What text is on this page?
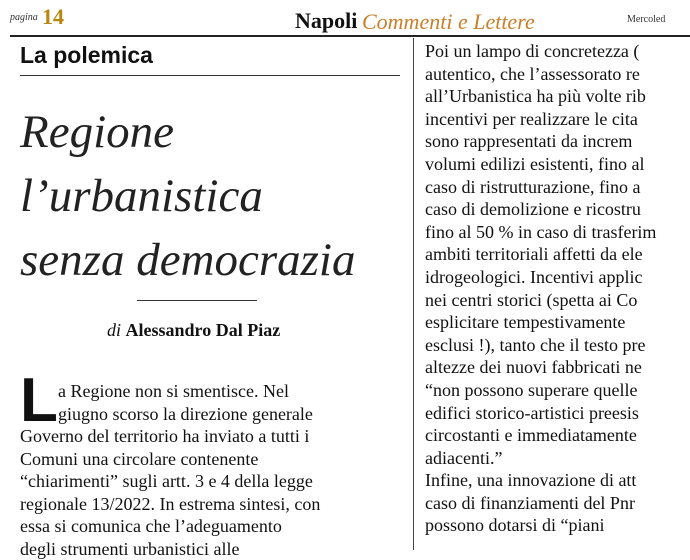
pagina 14	Napoli Commenti e Lettere	Mercoled
La polemica
Regione
l’urbanistica
senza democrazia
di Alessandro Dal Piaz
L a Regione non si smentisce. Nel
giugno scorso la direzione generale
Governo del territorio ha inviato a tutti i
Comuni una circolare contenente
“chiarimenti” sugli artt. 3 e 4 della legge
regionale 13/2022. In estrema sintesi, con
essa si comunica che l’adeguamento
degli strumenti urbanistici alle
Poi un lampo di concretezza (
autentico, che l’assessorato re
all’Urbanistica ha più volte rib
incentivi per realizzare le cita
sono rappresentati da increm
volumi edilizi esistenti, fino al
caso di ristrutturazione, fino a
caso di demolizione e ricostru
fino al 50 % in caso di trasferim
ambiti territoriali affetti da ele
idrogeologici. Incentivi applic
nei centri storici (spetta ai Co
esplicitare tempestivamente
esclusi !), tanto che il testo pre
altezze dei nuovi fabbricati ne
“non possono superare quelle
edifici storico-artistici preesis
circostanti e immediatamente
adiacenti.”
Infine, una innovazione di att
caso di finanziamenti del Pnr
possono dotarsi di “piani
